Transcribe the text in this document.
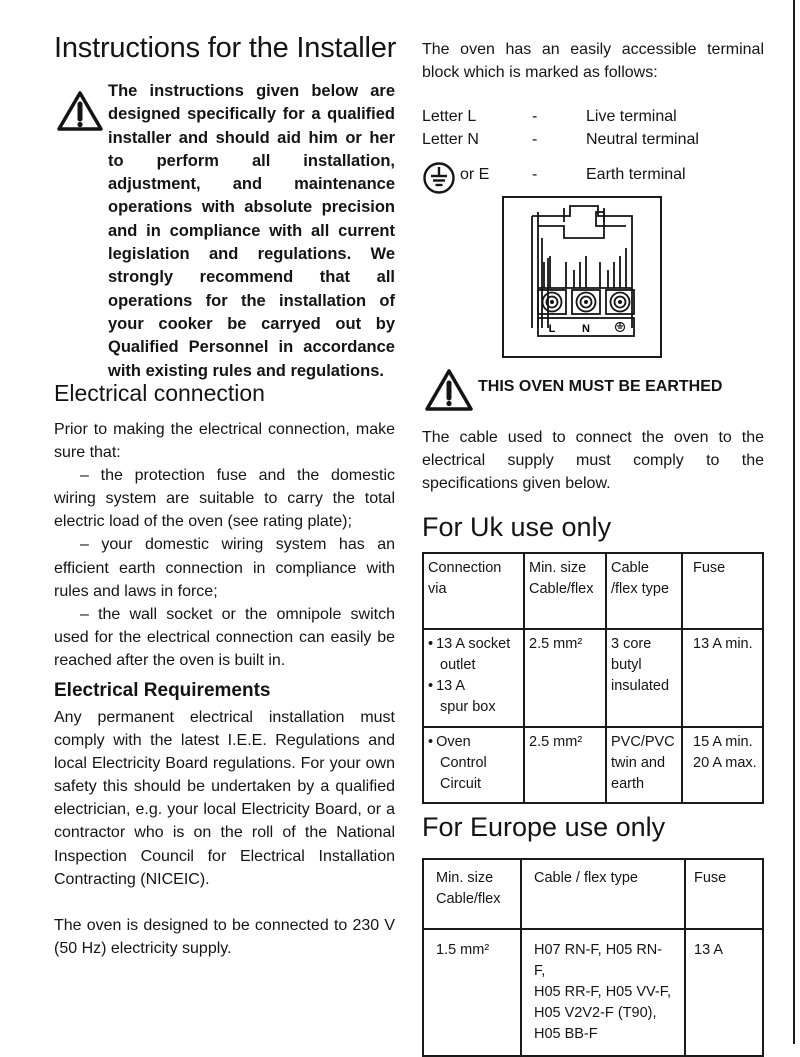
Instructions for the Installer

The instructions given below are designed specifically for a qualified installer and should aid him or her to perform all installation, adjustment, and maintenance operations with absolute precision and in compliance with all current legislation and regulations. We strongly recommend that all operations for the installation of your cooker be carryed out by Qualified Personnel in accordance with existing rules and regulations.

Electrical connection
Prior to making the electrical connection, make sure that:
– the protection fuse and the domestic wiring system are suitable to carry the total electric load of the oven (see rating plate);
– your domestic wiring system has an efficient earth connection in compliance with rules and laws in force;
– the wall socket or the omnipole switch used for the electrical connection can easily be reached after the oven is built in.
Electrical Requirements

Any permanent electrical installation must comply with the latest I.E.E. Regulations and local Electricity Board regulations. For your own safety this should be undertaken by a qualified electrician, e.g. your local Electricity Board, or a contractor who is on the roll of the National Inspection Council for Electrical Installation Contracting (NICEIC).

The oven is designed to be connected to 230 V (50 Hz) electricity supply.

The oven has an easily accessible terminal block which is marked as follows:

Letter L	-	Live terminal
Letter N	-	Neutral terminal
or E	-	Earth terminal
L N
THIS OVEN MUST BE EARTHED

The cable used to connect the oven to the electrical supply must comply to the specifications given below.

For Uk use only
Connection via	Min. size Cable/flex	Cable /flex type	Fuse

• 13 A socket
outlet
• 13 A
spur box	2.5 mm²	3 core butyl insulated	13 A min.

• Oven
Control
Circuit	2.5 mm²	PVC/PVC twin and earth	15 A min.
20 A max.
For Europe use only
Min. size Cable/flex	Cable / flex type	Fuse
1.5 mm²	H07 RN-F, H05 RN-F,
H05 RR-F, H05 VV-F,
H05 V2V2-F (T90),
H05 BB-F	13 A
